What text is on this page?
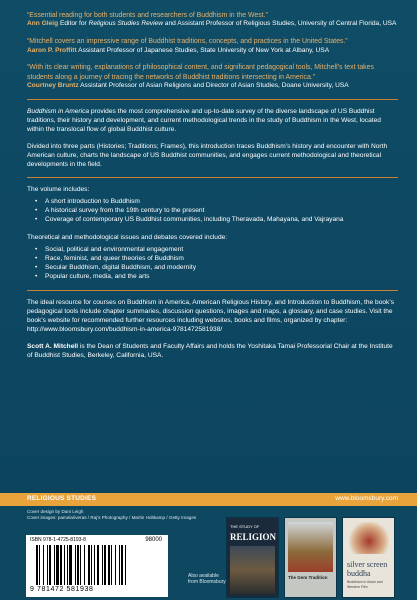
“Essential reading for both students and researchers of Buddhism in the West.”
Ann Gleig Editor for Religious Studies Review and Assistant Professor of Religious Studies, University of Central Florida, USA
“Mitchell covers an impressive range of Buddhist traditions, concepts, and practices in the United States.”
Aaron P. Proffitt Assistant Professor of Japanese Studies, State University of New York at Albany, USA
“With its clear writing, explanations of philosophical content, and significant pedagogical tools, Mitchell’s text takes students along a journey of tracing the networks of Buddhist traditions intersecting in America.”
Courtney Bruntz Assistant Professor of Asian Religions and Director of Asian Studies, Doane University, USA

Buddhism in America provides the most comprehensive and up-to-date survey of the diverse landscape of US Buddhist traditions, their history and development, and current methodological trends in the study of Buddhism in the West, located within the translocal flow of global Buddhist culture.

Divided into three parts (Histories; Traditions; Frames), this introduction traces Buddhism’s history and encounter with North American culture, charts the landscape of US Buddhist communities, and engages current methodological and theoretical developments in the field.

The volume includes:

• A short introduction to Buddhism
• A historical survey from the 19th century to the present
• Coverage of contemporary US Buddhist communities, including Theravada, Mahayana, and Vajrayana

Theoretical and methodological issues and debates covered include:

• Social, political and environmental engagement
• Race, feminist, and queer theories of Buddhism
• Secular Buddhism, digital Buddhism, and modernity
• Popular culture, media, and the arts

The ideal resource for courses on Buddhism in America, American Religious History, and Introduction to Buddhism, the book’s pedagogical tools include chapter summaries, discussion questions, images and maps, a glossary, and case studies. Visit the book’s website for recommended further resources including websites, books and films, organized by chapter: http://www.bloomsbury.com/buddhism-in-america-9781472581938/

Scott A. Mitchell is the Dean of Students and Faculty Affairs and holds the Yoshitaka Tamai Professorial Chair at the Institute of Buddhist Studies, Berkeley, California, USA.

RELIGIOUS STUDIES	www.bloomsbury.com
Cover design by Dani Leigh
Cover images: pamela/iveras / Raj’s Photography / Martin Holtkamp / Getty Images
ISBN 978-1-4725-8193-8	98000
9 781472 581938
Also available
from Bloomsbury
THE STUDY OF
RELIGION
The Gem Tradition
silver screen
buddha
Buddhism in Asian and Western Film
